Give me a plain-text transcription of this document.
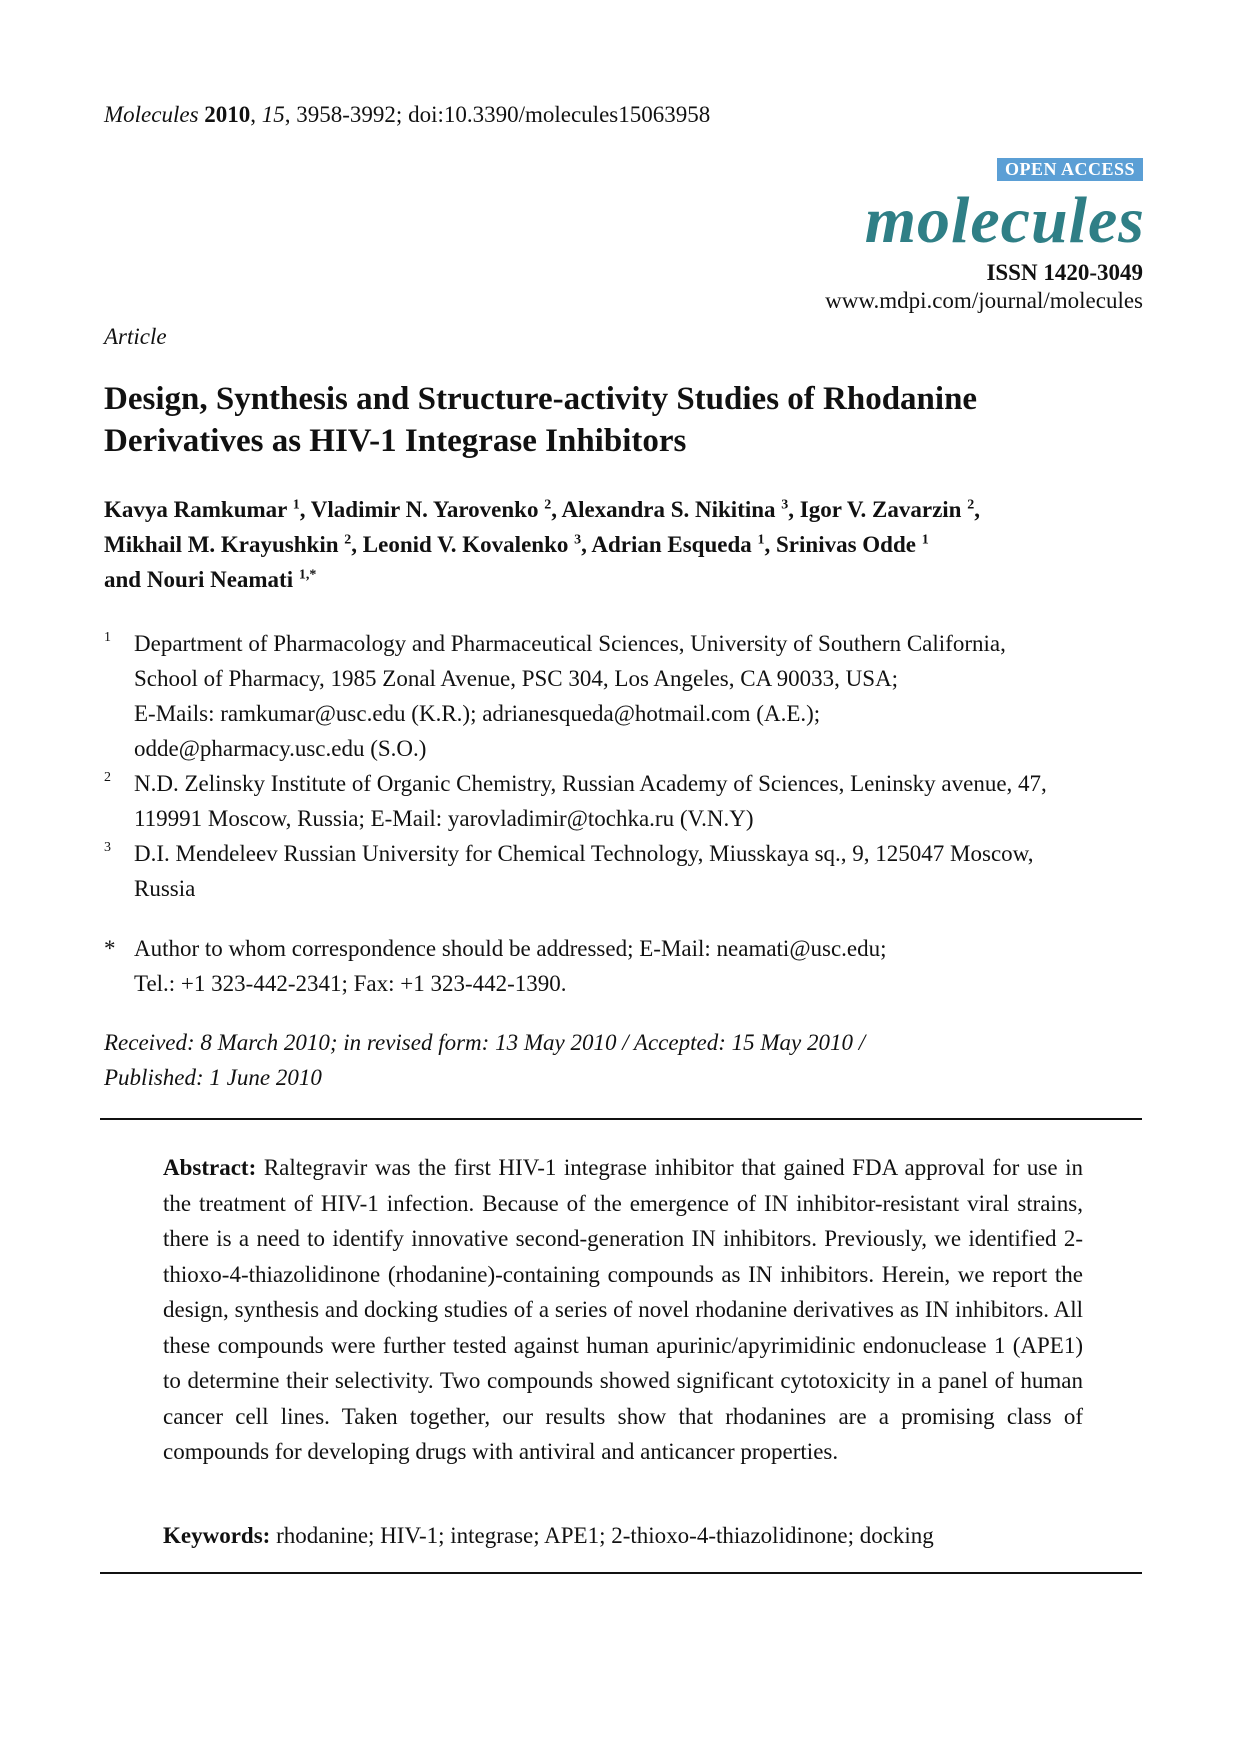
Molecules 2010, 15, 3958-3992; doi:10.3390/molecules15063958
OPEN ACCESS
molecules
ISSN 1420-3049
www.mdpi.com/journal/molecules
Article
Design, Synthesis and Structure-activity Studies of Rhodanine
Derivatives as HIV-1 Integrase Inhibitors
Kavya Ramkumar $^1$, Vladimir N. Yarovenko $^2$, Alexandra S. Nikitina $^3$, Igor V. Zavarzin $^2$,
Mikhail M. Krayushkin $^2$, Leonid V. Kovalenko $^3$, Adrian Esqueda $^1$, Srinivas Odde $^1$
and Nouri Neamati $^{1,*}$
1	Department of Pharmacology and Pharmaceutical Sciences, University of Southern California,
School of Pharmacy, 1985 Zonal Avenue, PSC 304, Los Angeles, CA 90033, USA;
E-Mails: ramkumar@usc.edu (K.R.); adrianesqueda@hotmail.com (A.E.);
odde@pharmacy.usc.edu (S.O.)
2	N.D. Zelinsky Institute of Organic Chemistry, Russian Academy of Sciences, Leninsky avenue, 47,
119991 Moscow, Russia; E-Mail: yarovladimir@tochka.ru (V.N.Y)
3	D.I. Mendeleev Russian University for Chemical Technology, Miusskaya sq., 9, 125047 Moscow,
Russia
* Author to whom correspondence should be addressed; E-Mail: neamati@usc.edu;
Tel.: +1 323-442-2341; Fax: +1 323-442-1390.
Received: 8 March 2010; in revised form: 13 May 2010 / Accepted: 15 May 2010 /
Published: 1 June 2010
Abstract: Raltegravir was the first HIV-1 integrase inhibitor that gained FDA approval for use in the treatment of HIV-1 infection. Because of the emergence of IN inhibitor-resistant viral strains, there is a need to identify innovative second-generation IN inhibitors. Previously, we identified 2-thioxo-4-thiazolidinone (rhodanine)-containing compounds as IN inhibitors. Herein, we report the design, synthesis and docking studies of a series of novel rhodanine derivatives as IN inhibitors. All these compounds were further tested against human apurinic/apyrimidinic endonuclease 1 (APE1) to determine their selectivity. Two compounds showed significant cytotoxicity in a panel of human cancer cell lines. Taken together, our results show that rhodanines are a promising class of compounds for developing drugs with antiviral and anticancer properties.
Keywords: rhodanine; HIV-1; integrase; APE1; 2-thioxo-4-thiazolidinone; docking
